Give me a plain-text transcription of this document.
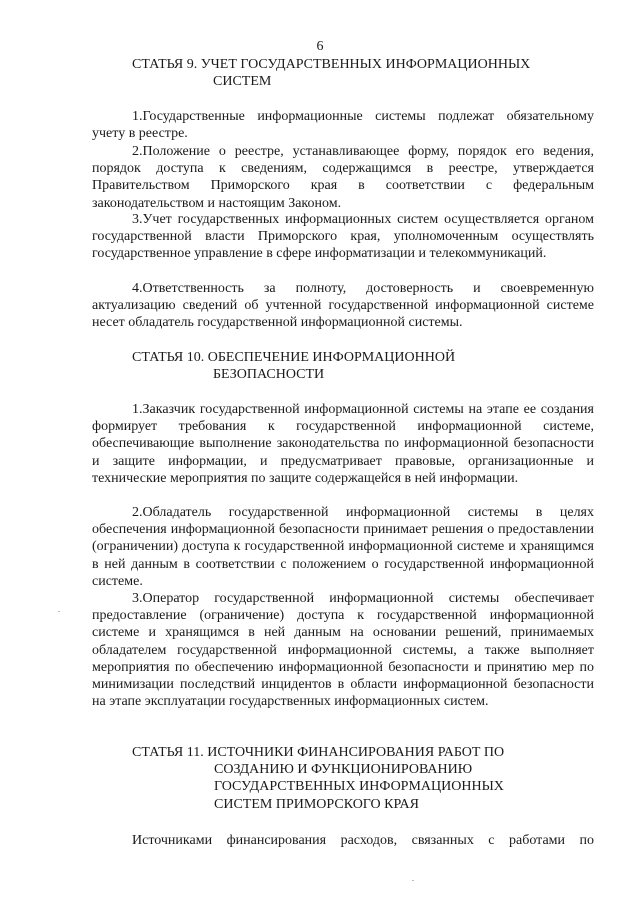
6
СТАТЬЯ 9. УЧЕТ ГОСУДАРСТВЕННЫХ ИНФОРМАЦИОННЫХ
СИСТЕМ

1.Государственные информационные системы подлежат обязательному учету в реестре.

2.Положение о реестре, устанавливающее форму, порядок его ведения, порядок доступа к сведениям, содержащимся в реестре, утверждается Правительством Приморского края в соответствии с федеральным законодательством и настоящим Законом.

3.Учет государственных информационных систем осуществляется органом государственной власти Приморского края, уполномоченным осуществлять государственное управление в сфере информатизации и телекоммуникаций.

4.Ответственность за полноту, достоверность и своевременную актуализацию сведений об учтенной государственной информационной системе несет обладатель государственной информационной системы.

СТАТЬЯ 10. ОБЕСПЕЧЕНИЕ ИНФОРМАЦИОННОЙ
БЕЗОПАСНОСТИ

1.Заказчик государственной информационной системы на этапе ее создания формирует требования к государственной информационной системе, обеспечивающие выполнение законодательства по информационной безопасности и защите информации, и предусматривает правовые, организационные и технические мероприятия по защите содержащейся в ней информации.

2.Обладатель государственной информационной системы в целях обеспечения информационной безопасности принимает решения о предоставлении (ограничении) доступа к государственной информационной системе и хранящимся в ней данным в соответствии с положением о государственной информационной системе.

3.Оператор государственной информационной системы обеспечивает предоставление (ограничение) доступа к государственной информационной системе и хранящимся в ней данным на основании решений, принимаемых обладателем государственной информационной системы, а также выполняет мероприятия по обеспечению информационной безопасности и принятию мер по минимизации последствий инцидентов в области информационной безопасности на этапе эксплуатации государственных информационных систем.

СТАТЬЯ 11. ИСТОЧНИКИ ФИНАНСИРОВАНИЯ РАБОТ ПО
СОЗДАНИЮ И ФУНКЦИОНИРОВАНИЮ
ГОСУДАРСТВЕННЫХ ИНФОРМАЦИОННЫХ
СИСТЕМ ПРИМОРСКОГО КРАЯ

Источниками финансирования расходов, связанных с работами по
